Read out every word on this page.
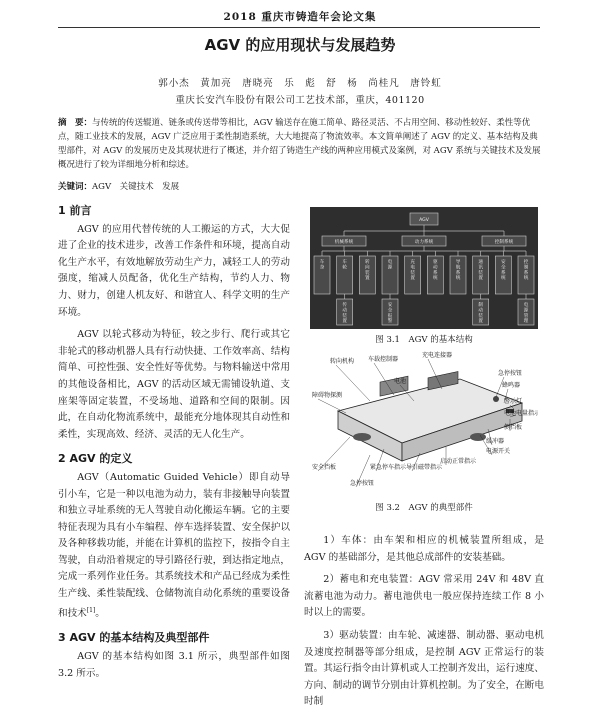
2018 重庆市铸造年会论文集
AGV 的应用现状与发展趋势
郭小杰　黄加亮　唐晓亮　乐　彪　舒　杨　尚桂凡　唐铃虹
重庆长安汽车股份有限公司工艺技术部，重庆，401120

摘　要：与传统的传送辊道、链条或传送带等相比，AGV 输送存在施工简单、路径灵活、不占用空间、移动性较好、柔性等优点，随工业技术的发展，AGV 广泛应用于柔性制造系统，大大地提高了物流效率。本文简单阐述了 AGV 的定义、基本结构及典型部件，对 AGV 的发展历史及其现状进行了概述，并介绍了铸造生产线的两种应用模式及案例，对 AGV 系统与关键技术及发展概况进行了较为详细地分析和综述。

关键词：AGV　关键技术　发展
1 前言

AGV 的应用代替传统的人工搬运的方式，大大促进了企业的技术进步，改善工作条件和环境，提高自动化生产水平，有效地解放劳动生产力，减轻工人的劳动强度，缩减人员配备，优化生产结构，节约人力、物力、财力，创建人机友好、和谐宜人、科学文明的生产环境。

AGV 以轮式移动为特征，较之步行、爬行或其它非轮式的移动机器人具有行动快捷、工作效率高、结构简单、可控性强、安全性好等优势。与物料输送中常用的其他设备相比，AGV 的活动区域无需铺设轨道、支座架等固定装置，不受场地、道路和空间的限制。因此，在自动化物流系统中，最能充分地体现其自动性和柔性，实现高效、经济、灵活的无人化生产。

2 AGV 的定义

AGV（Automatic Guided Vehicle）即自动导引小车，它是一种以电池为动力，装有非接触导向装置和独立寻址系统的无人驾驶自动化搬运车辆。它的主要特征表现为具有小车编程、停车选择装置、安全保护以及各种移载功能，并能在计算机的监控下，按指令自主驾驶，自动沿着规定的导引路径行驶，到达指定地点，完成一系列作业任务。其系统技术和产品已经成为柔性生产线、柔性装配线、仓储物流自动化系统的重要设备和技术[1]。

3 AGV 的基本结构及典型部件

AGV 的基本结构如图 3.1 所示，典型部件如图 3.2 所示。

AGV
机械系统	动力系统	控制系统
车身
车轮
转向装置
电源
充电装置
驱动系统
导航系统
通讯装置
安全系统
控制系统
传动装置
安全报警
制动装置
电源管理
图 3.1　AGV 的基本结构
转向机构 车载控制器
充电连接器
急停按钮
障碍物探测
电池
蜂鸣器
警示灯
电池电量指示
侧挡板
缓冲器
电源开关
安全挡板	紧急停车指示 导引磁带指示
启动正常指示
急停按钮
图 3.2　AGV 的典型部件

1）车体：由车架和相应的机械装置所组成，是 AGV 的基础部分，是其他总成部件的安装基础。

2）蓄电和充电装置：AGV 常采用 24V 和 48V 直流蓄电池为动力。蓄电池供电一般应保持连续工作 8 小时以上的需要。

3）驱动装置：由车轮、减速器、制动器、驱动电机及速度控制器等部分组成，是控制 AGV 正常运行的装置。其运行指令由计算机或人工控制齐发出，运行速度、方向、制动的调节分别由计算机控制。为了安全，在断电时制
